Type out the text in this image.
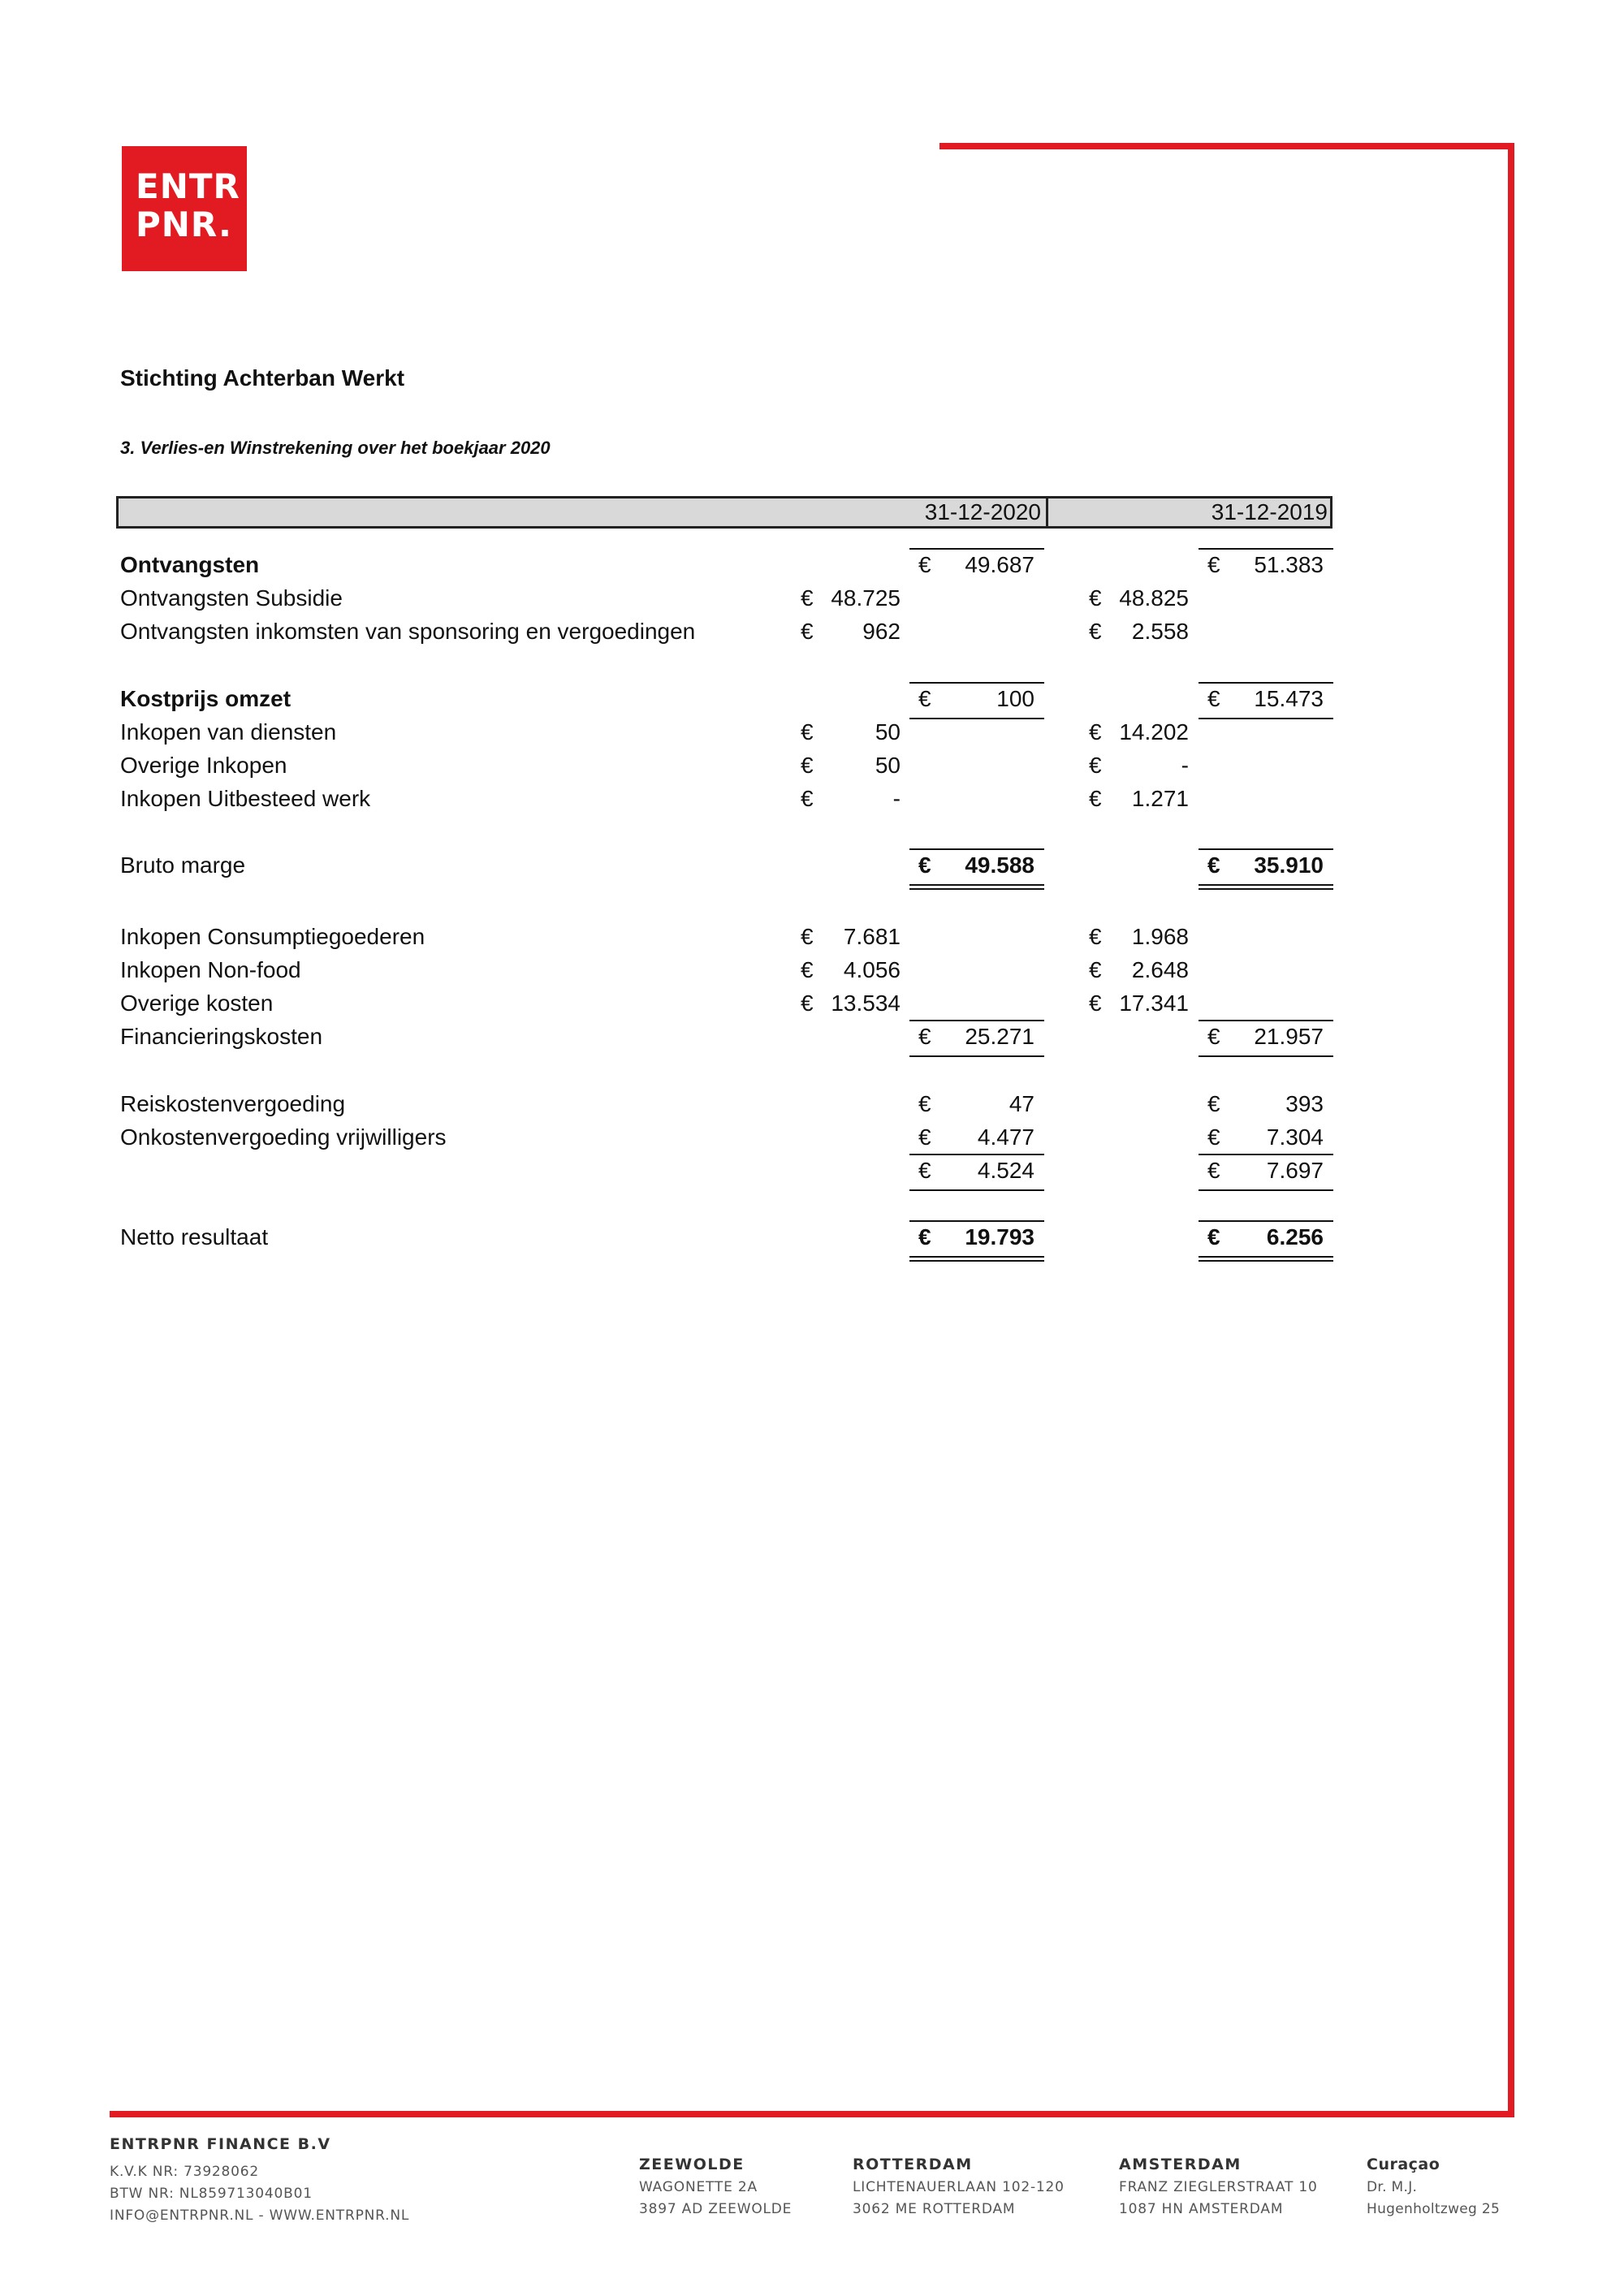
ENTR
PNR.
Stichting Achterban Werkt
3. Verlies-en Winstrekening over het boekjaar 2020
31-12-2020	31-12-2019
Ontvangsten	€	49.687	€	51.383
Ontvangsten Subsidie	€ 48.725	€ 48.825
Ontvangsten inkomsten van sponsoring en vergoedingen	€	962	€	2.558
Kostprijs omzet	€	100	€	15.473
Inkopen van diensten	€	50	€ 14.202
Overige Inkopen	€	50	€	-
Inkopen Uitbesteed werk	€	-	€	1.271
Bruto marge	€	49.588	€	35.910
Inkopen Consumptiegoederen	€	7.681	€	1.968
Inkopen Non-food	€	4.056	€	2.648
Overige kosten	€ 13.534	€ 17.341
Financieringskosten	€	25.271	€	21.957
Reiskostenvergoeding	€	47	€	393
Onkostenvergoeding vrijwilligers	€	4.477	€	7.304
€	4.524	€	7.697
Netto resultaat	€	19.793	€	6.256
ENTRPNR FINANCE B.V
K.V.K NR: 73928062
BTW NR: NL859713040B01
INFO@ENTRPNR.NL - WWW.ENTRPNR.NL
ZEEWOLDE
WAGONETTE 2A
3897 AD ZEEWOLDE
ROTTERDAM
LICHTENAUERLAAN 102-120
3062 ME ROTTERDAM
AMSTERDAM
FRANZ ZIEGLERSTRAAT 10
1087 HN AMSTERDAM
Curaçao
Dr. M.J.
Hugenholtzweg 25
